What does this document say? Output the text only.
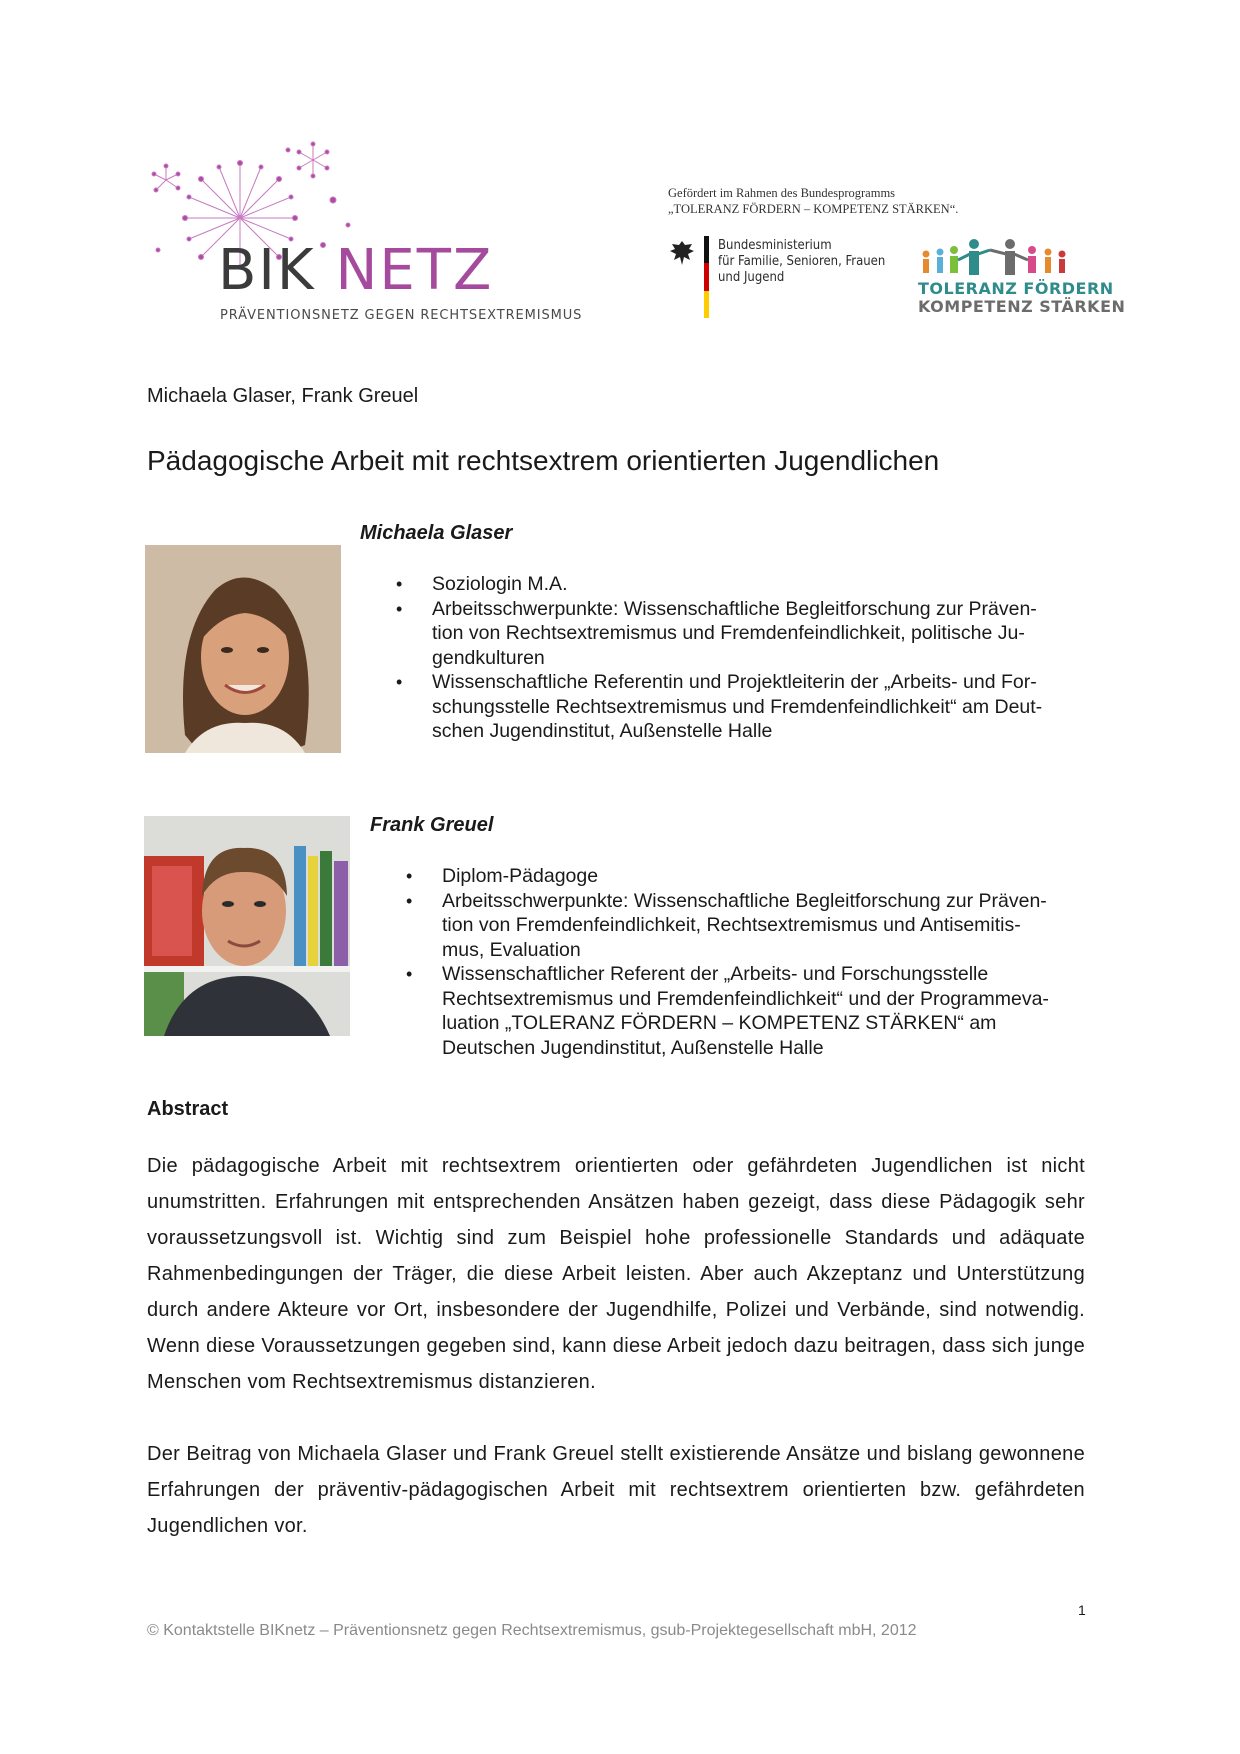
BIK NETZ
PRÄVENTIONSNETZ GEGEN RECHTSEXTREMISMUS
Gefördert im Rahmen des Bundesprogramms
„TOLERANZ FÖRDERN – KOMPETENZ STÄRKEN“.
Bundesministerium
für Familie, Senioren, Frauen
und Jugend
TOLERANZ FÖRDERN
KOMPETENZ STÄRKEN
Michaela Glaser, Frank Greuel
Pädagogische Arbeit mit rechtsextrem orientierten Jugendlichen
Michaela Glaser
• Soziologin M.A.
• Arbeitsschwerpunkte: Wissenschaftliche Begleitforschung zur Präven-
tion von Rechtsextremismus und Fremdenfeindlichkeit, politische Ju-
gendkulturen
• Wissenschaftliche Referentin und Projektleiterin der „Arbeits- und For-
schungsstelle Rechtsextremismus und Fremdenfeindlichkeit“ am Deut-
schen Jugendinstitut, Außenstelle Halle
Frank Greuel
• Diplom-Pädagoge
• Arbeitsschwerpunkte: Wissenschaftliche Begleitforschung zur Präven-
tion von Fremdenfeindlichkeit, Rechtsextremismus und Antisemitis-
mus, Evaluation
• Wissenschaftlicher Referent der „Arbeits- und Forschungsstelle
Rechtsextremismus und Fremdenfeindlichkeit“ und der Programmeva-
luation „TOLERANZ FÖRDERN – KOMPETENZ STÄRKEN“ am
Deutschen Jugendinstitut, Außenstelle Halle
Abstract

Die pädagogische Arbeit mit rechtsextrem orientierten oder gefährdeten Jugendlichen ist nicht unumstritten. Erfahrungen mit entsprechenden Ansätzen haben gezeigt, dass diese Pädagogik sehr voraussetzungsvoll ist. Wichtig sind zum Beispiel hohe professionelle Standards und adäquate Rahmenbedingungen der Träger, die diese Arbeit leisten. Aber auch Akzeptanz und Unterstützung durch andere Akteure vor Ort, insbesondere der Jugendhilfe, Polizei und Verbände, sind notwendig. Wenn diese Voraussetzungen gegeben sind, kann diese Arbeit jedoch dazu beitragen, dass sich junge Menschen vom Rechtsextremismus distanzieren.

Der Beitrag von Michaela Glaser und Frank Greuel stellt existierende Ansätze und bislang gewonnene Erfahrungen der präventiv-pädagogischen Arbeit mit rechtsextrem orientierten bzw. gefährdeten Jugendlichen vor.

1
© Kontaktstelle BIKnetz – Präventionsnetz gegen Rechtsextremismus, gsub-Projektegesellschaft mbH, 2012
